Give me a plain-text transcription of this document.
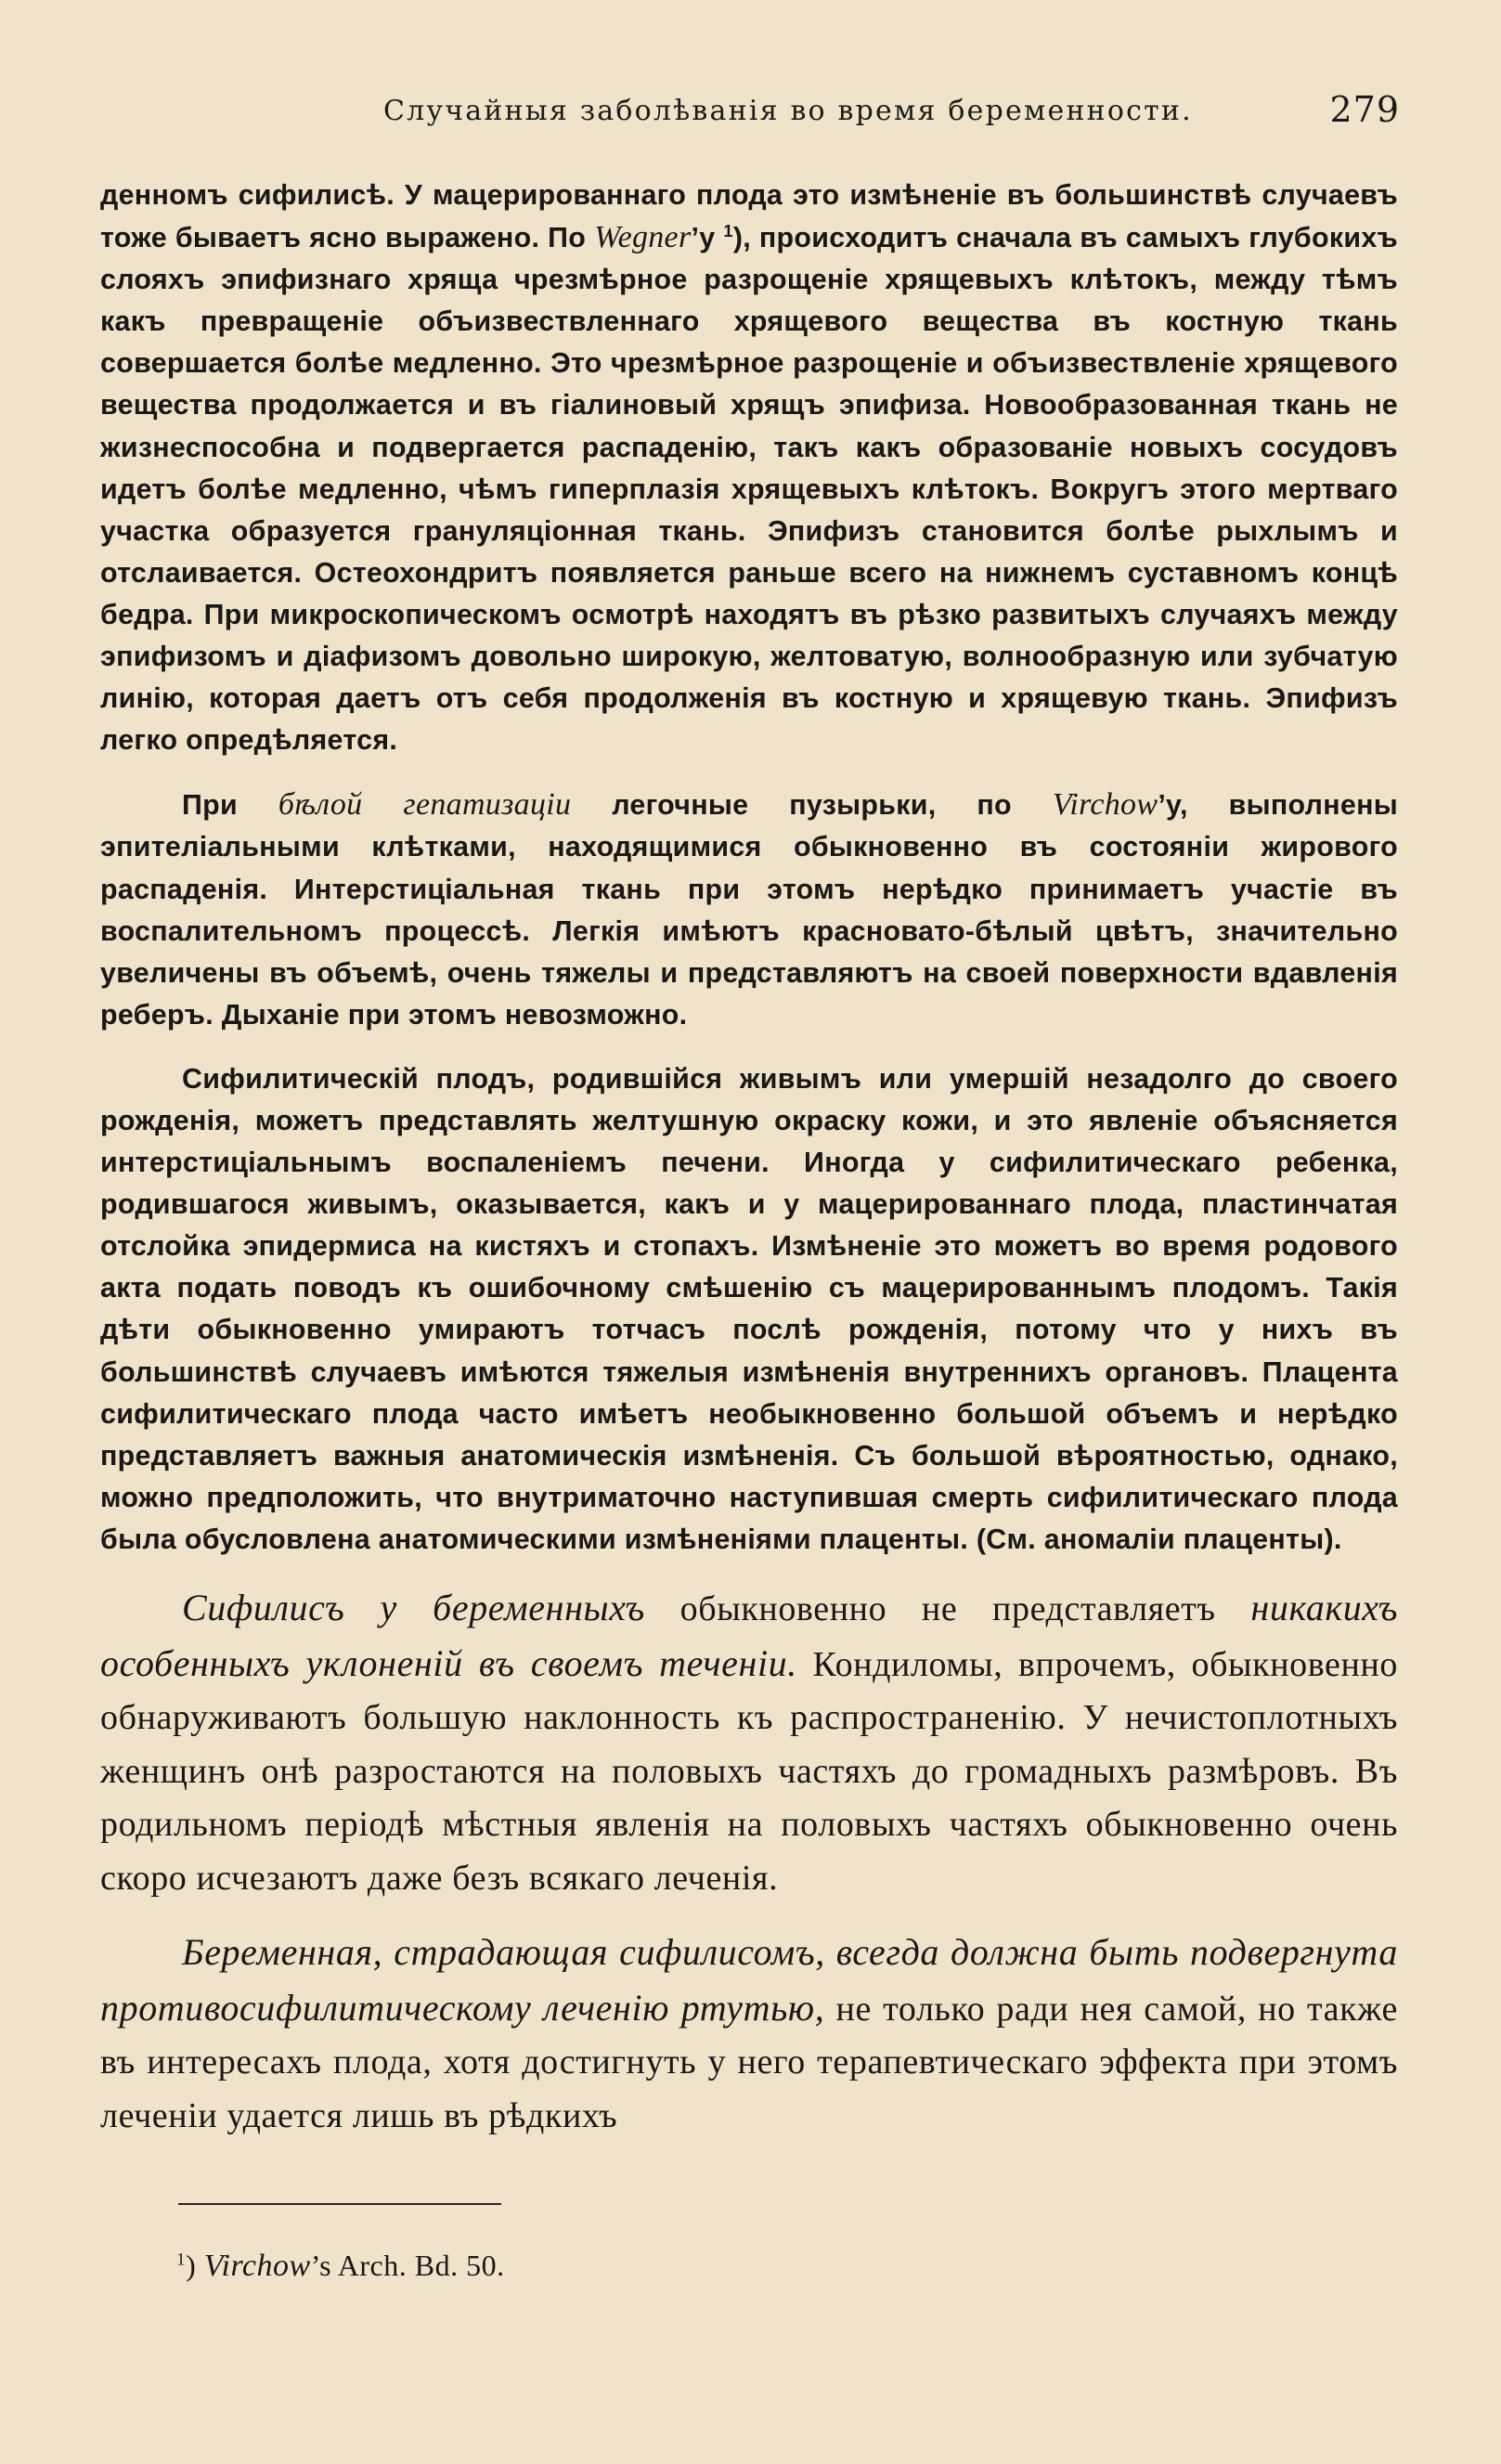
Случайныя заболѣванія во время беременности.	279

денномъ сифилисѣ. У мацерированнаго плода это измѣненіе въ большинствѣ случаевъ тоже бываетъ ясно выражено. По Wegner’у $^1$), происходитъ сначала въ самыхъ глубокихъ слояхъ эпифизнаго хряща чрезмѣрное разрощеніе хрящевыхъ клѣтокъ, между тѣмъ какъ превращеніе объизвествленнаго хрящевого вещества въ костную ткань совершается болѣе медленно. Это чрезмѣрное разрощеніе и объизвествленіе хрящевого вещества продолжается и въ гіалиновый хрящъ эпифиза. Новообразованная ткань не жизнеспособна и подвергается распаденію, такъ какъ образованіе новыхъ сосудовъ идетъ болѣе медленно, чѣмъ гиперплазія хрящевыхъ клѣтокъ. Вокругъ этого мертваго участка образуется грануляціонная ткань. Эпифизъ становится болѣе рыхлымъ и отслаивается. Остеохондритъ появляется раньше всего на нижнемъ суставномъ концѣ бедра. При микроскопическомъ осмотрѣ находятъ въ рѣзко развитыхъ случаяхъ между эпифизомъ и діафизомъ довольно широкую, желтоватую, волнообразную или зубчатую линію, которая даетъ отъ себя продолженія въ костную и хрящевую ткань. Эпифизъ легко опредѣляется.

При бѣлой гепатизаціи легочные пузырьки, по Virchow’у, выполнены эпителіальными клѣтками, находящимися обыкновенно въ состояніи жирового распаденія. Интерстиціальная ткань при этомъ нерѣдко принимаетъ участіе въ воспалительномъ процессѣ. Легкія имѣютъ красновато-бѣлый цвѣтъ, значительно увеличены въ объемѣ, очень тяжелы и представляютъ на своей поверхности вдавленія реберъ. Дыханіе при этомъ невозможно.

Сифилитическій плодъ, родившійся живымъ или умершій незадолго до своего рожденія, можетъ представлять желтушную окраску кожи, и это явленіе объясняется интерстиціальнымъ воспаленіемъ печени. Иногда у сифилитическаго ребенка, родившагося живымъ, оказывается, какъ и у мацерированнаго плода, пластинчатая отслойка эпидермиса на кистяхъ и стопахъ. Измѣненіе это можетъ во время родового акта подать поводъ къ ошибочному смѣшенію съ мацерированнымъ плодомъ. Такія дѣти обыкновенно умираютъ тотчасъ послѣ рожденія, потому что у нихъ въ большинствѣ случаевъ имѣются тяжелыя измѣненія внутреннихъ органовъ. Плацента сифилитическаго плода часто имѣетъ необыкновенно большой объемъ и нерѣдко представляетъ важныя анатомическія измѣненія. Съ большой вѣроятностью, однако, можно предположить, что внутриматочно наступившая смерть сифилитическаго плода была обусловлена анатомическими измѣненіями плаценты. (См. аномаліи плаценты).

Сифилисъ у беременныхъ обыкновенно не представляетъ никакихъ особенныхъ уклоненій въ своемъ теченіи. Кондиломы, впрочемъ, обыкновенно обнаруживаютъ большую наклонность къ распространенію. У нечистоплотныхъ женщинъ онѣ разростаются на половыхъ частяхъ до громадныхъ размѣровъ. Въ родильномъ періодѣ мѣстныя явленія на половыхъ частяхъ обыкновенно очень скоро исчезаютъ даже безъ всякаго леченія.

Беременная, страдающая сифилисомъ, всегда должна быть подвергнута противосифилитическому леченію ртутью, не только ради нея самой, но также въ интересахъ плода, хотя достигнуть у него терапевтическаго эффекта при этомъ леченіи удается лишь въ рѣдкихъ

$^1$) Virchow’s Arch. Bd. 50.
